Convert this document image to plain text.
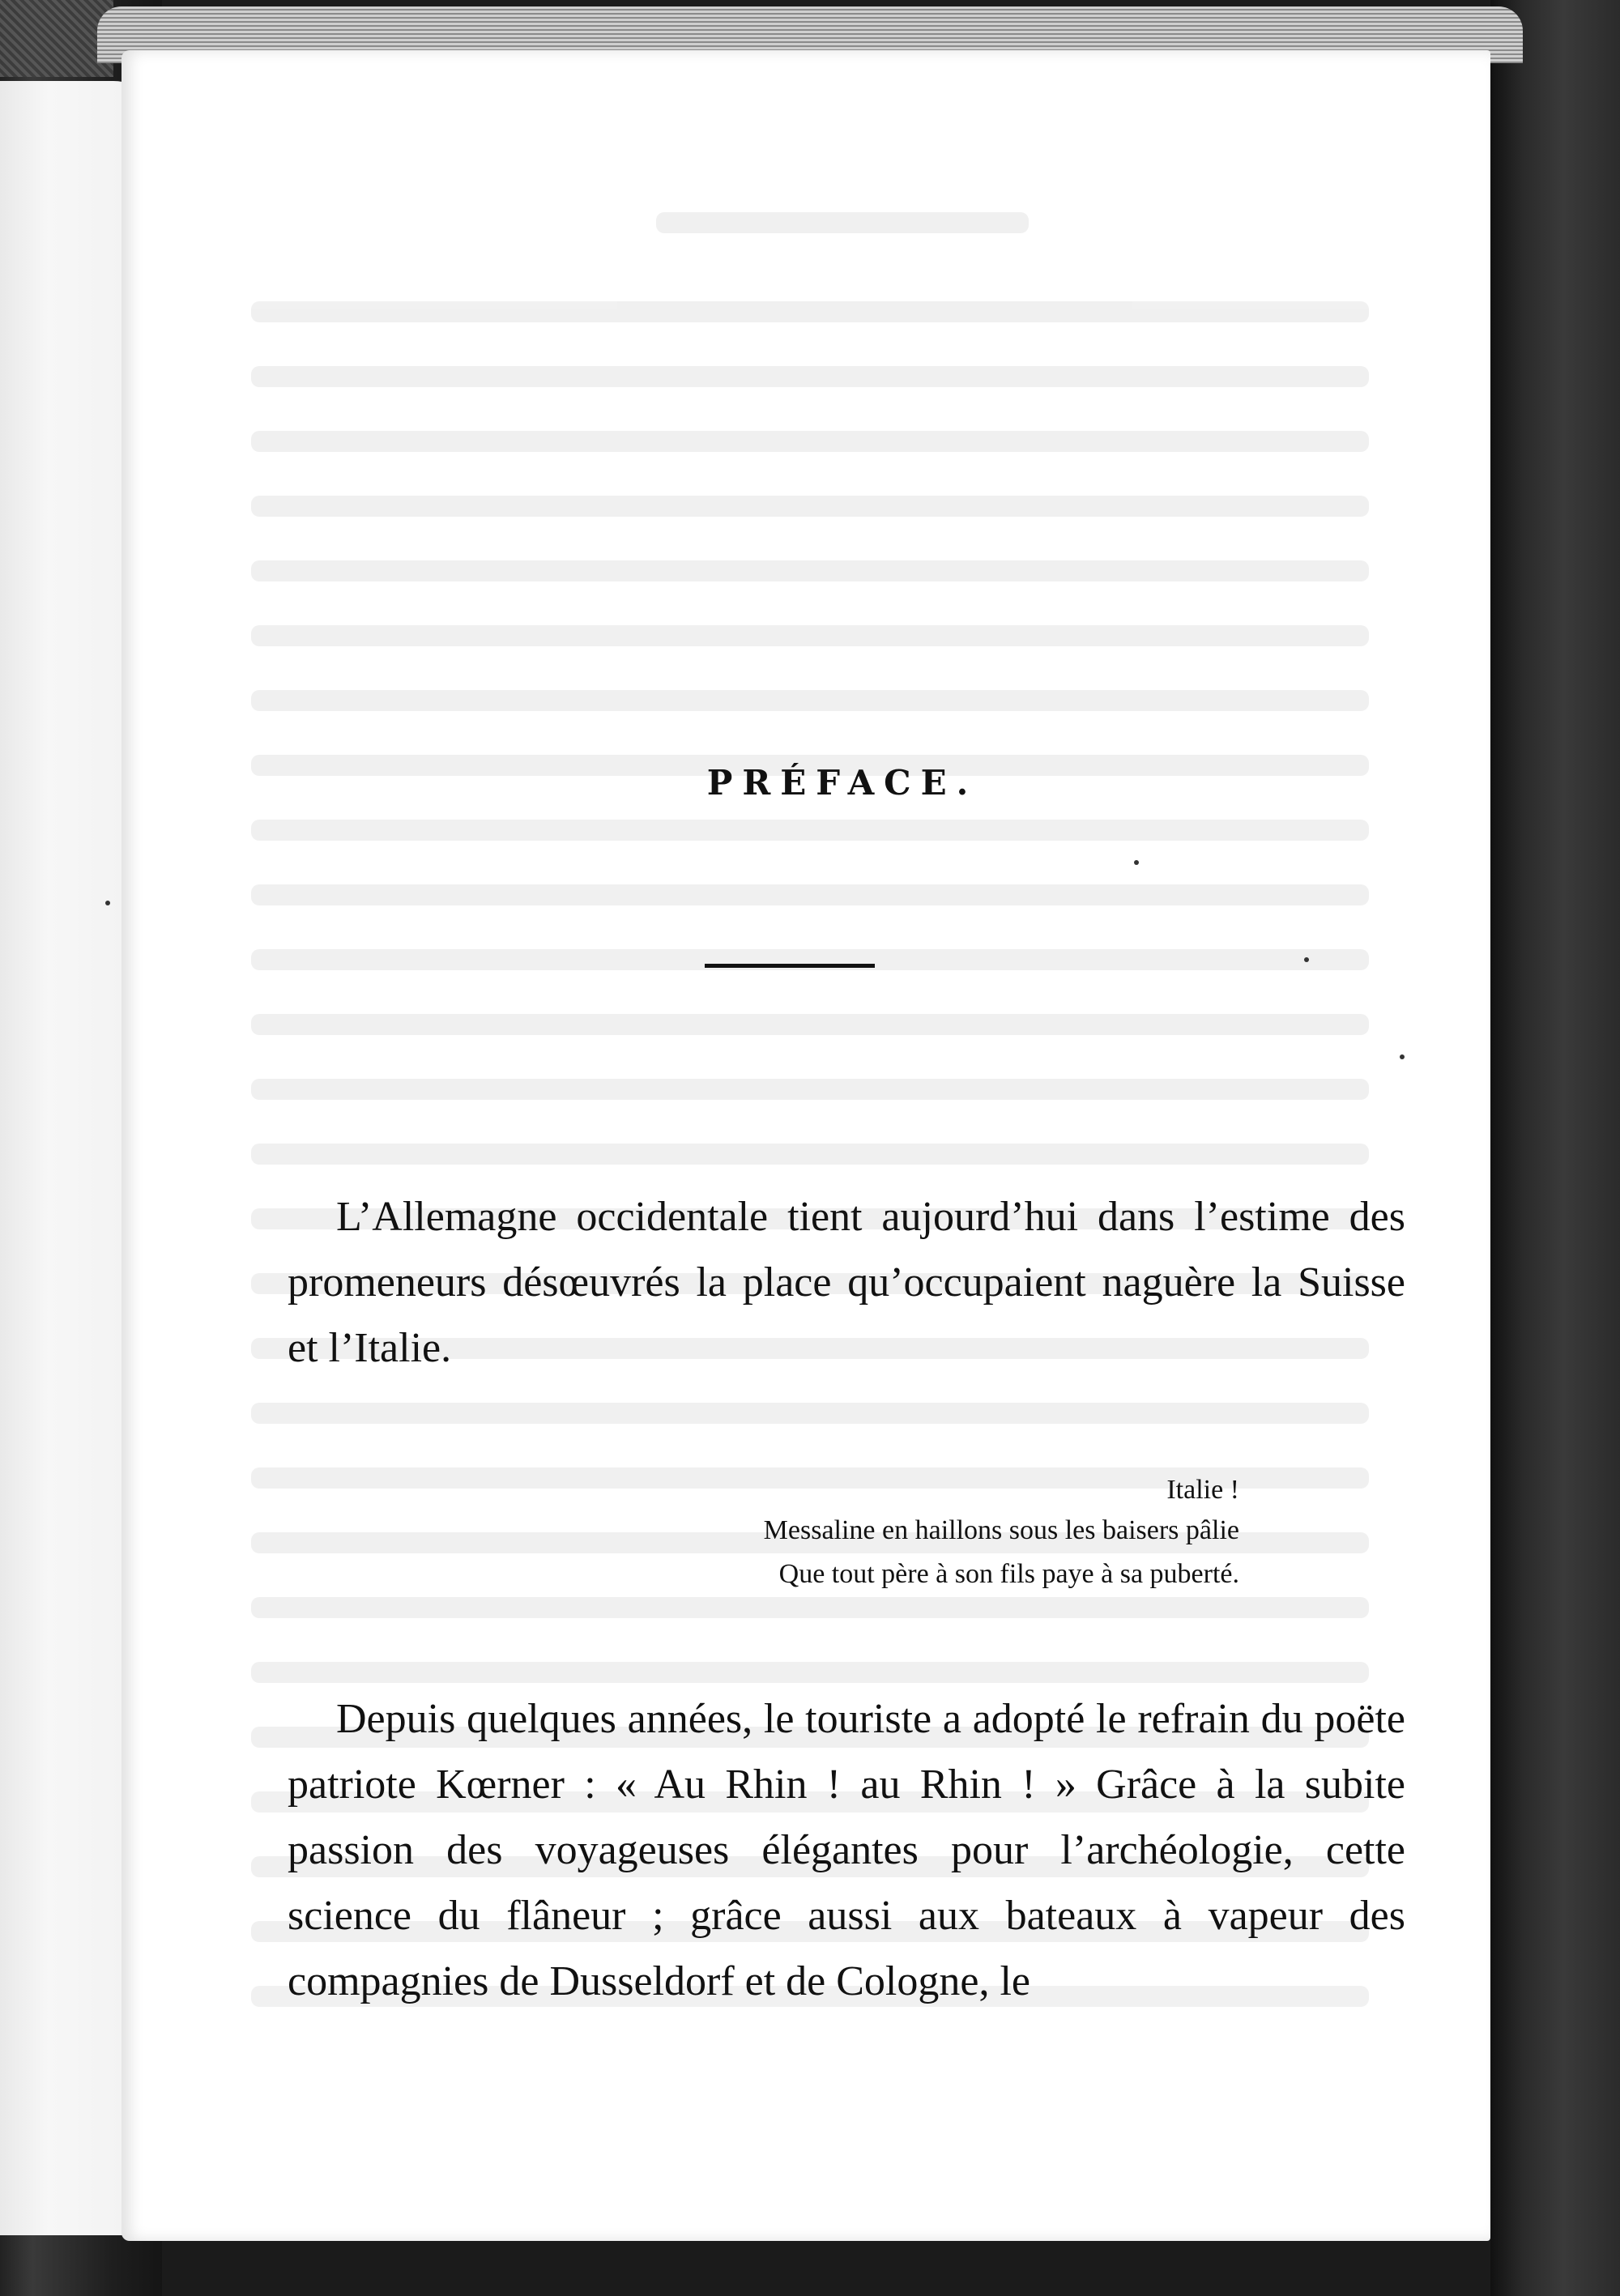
PRÉFACE.
L’Allemagne occidentale tient aujourd’hui dans l’estime des promeneurs désœuvrés la place qu’occupaient naguère la Suisse et l’Italie.
Italie !
Messaline en haillons sous les baisers pâlie
Que tout père à son fils paye à sa puberté.
Depuis quelques années, le touriste a adopté le refrain du poëte patriote Kœrner : « Au Rhin ! au Rhin ! » Grâce à la subite passion des voyageuses élégantes pour l’archéologie, cette science du flâneur ; grâce aussi aux bateaux à vapeur des compagnies de Dusseldorf et de Cologne, le
